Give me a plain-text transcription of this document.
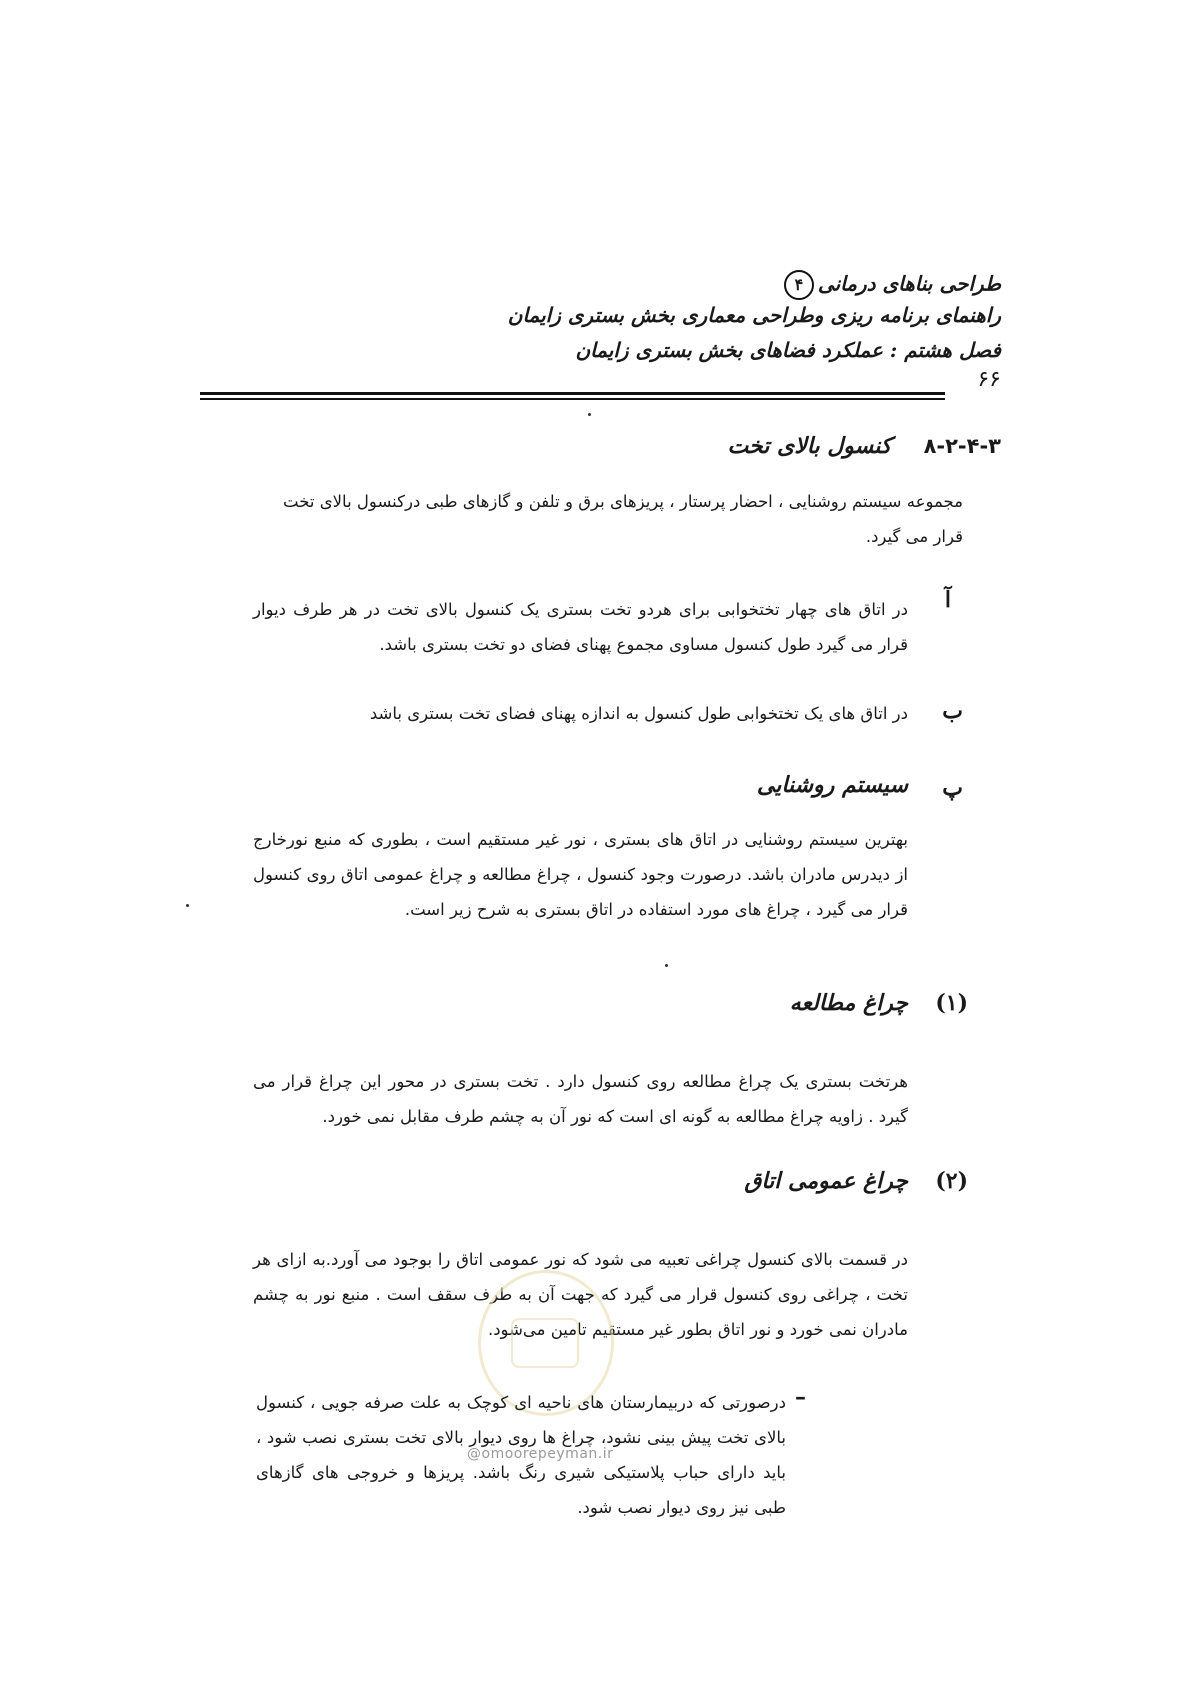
طراحی بناهای درمانی۴
راهنمای برنامه ریزی وطراحی معماری بخش بستری زایمان
فصل هشتم : عملکرد فضاهای بخش بستری زایمان
۶۶
۸-۲-۴-۳  کنسول بالای تخت
مجموعه سیستم روشنایی ، احضار پرستار ، پریزهای برق و تلفن و گازهای طبی درکنسول بالای تخت قرار می گیرد.
آ
در اتاق های چهار تختخوابی برای هردو تخت بستری یک کنسول بالای تخت در هر طرف دیوار قرار می گیرد طول کنسول مساوی مجموع پهنای فضای دو تخت بستری باشد.
ب
در اتاق های یک تختخوابی طول کنسول به اندازه پهنای فضای تخت بستری باشد
پ
سیستم روشنایی
بهترین سیستم روشنایی در اتاق های بستری ، نور غیر مستقیم است ، بطوری که منبع نورخارج از دیدرس مادران باشد. درصورت وجود کنسول ، چراغ مطالعه و چراغ عمومی اتاق روی کنسول قرار می گیرد ، چراغ های مورد استفاده در اتاق بستری به شرح زیر است.
(۱)
چراغ مطالعه
هرتخت بستری یک چراغ مطالعه روی کنسول دارد . تخت بستری در محور این چراغ قرار می گیرد . زاویه چراغ مطالعه به گونه ای است که نور آن به چشم طرف مقابل نمی خورد.
(۲)
چراغ عمومی اتاق
در قسمت بالای کنسول چراغی تعبیه می شود که نور عمومی اتاق را بوجود می آورد.به ازای هر تخت ، چراغی روی کنسول قرار می گیرد که جهت آن به طرف سقف است . منبع نور به چشم مادران نمی خورد و نور اتاق بطور غیر مستقیم تامین می‌شود.
–
درصورتی که دربیمارستان های ناحیه ای کوچک به علت صرفه جویی ، کنسول بالای تخت پیش بینی نشود، چراغ ها روی دیوار بالای تخت بستری نصب شود ، باید دارای حباب پلاستیکی شیری رنگ باشد. پریزها و خروجی های گازهای طبی نیز روی دیوار نصب شود.
@omoorepeyman.ir
